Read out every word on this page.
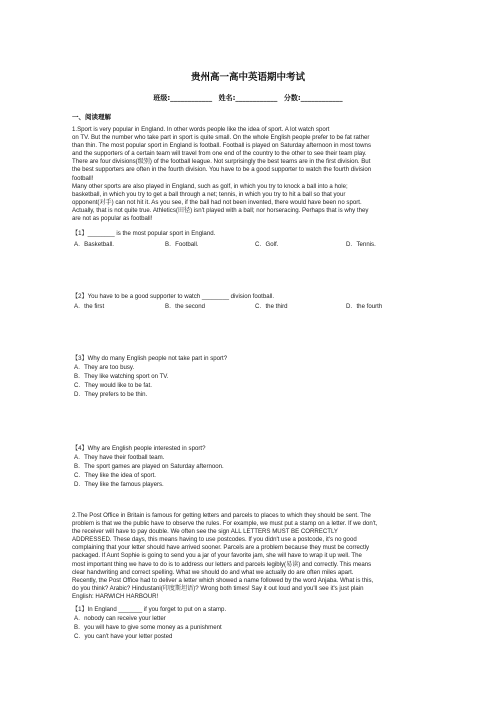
贵州高一高中英语期中考试
班级:____________ 姓名:____________ 分数:____________
一、阅读理解
1.Sport is very popular in England. In other words people like the idea of sport. A lot watch sport
on TV. But the number who take part in sport is quite small. On the whole English people prefer to be fat rather
than thin. The most popular sport in England is football. Football is played on Saturday afternoon in most towns
and the supporters of a certain team will travel from one end of the country to the other to see their team play.
There are four divisions(级别) of the football league. Not surprisingly the best teams are in the first division. But
the best supporters are often in the fourth division. You have to be a good supporter to watch the fourth division
football!
Many other sports are also played in England, such as golf, in which you try to knock a ball into a hole;
basketball, in which you try to get a ball through a net; tennis, in which you try to hit a ball so that your
opponent(对手) can not hit it. As you see, if the ball had not been invented, there would have been no sport.
Actually, that is not quite true. Athletics(田径) isn't played with a ball; nor horseracing. Perhaps that is why they
are not as popular as football!
【1】________ is the most popular sport in England.
A．Basketball.	B．Football.	C．Golf.	D．Tennis.
【2】You have to be a good supporter to watch ________ division football.
A．the first	B．the second	C．the third	D．the fourth
【3】Why do many English people not take part in sport?
A．They are too busy.
B．They like watching sport on TV.
C．They would like to be fat.
D．They prefers to be thin.
【4】Why are English people interested in sport?
A．They have their football team.
B．The sport games are played on Saturday afternoon.
C．They like the idea of sport.
D．They like the famous players.
2.The Post Office in Britain is famous for getting letters and parcels to places to which they should be sent. The
problem is that we the public have to observe the rules. For example, we must put a stamp on a letter. If we don't,
the receiver will have to pay double. We often see the sign ALL LETTERS MUST BE CORRECTLY
ADDRESSED. These days, this means having to use postcodes. If you didn't use a postcode, it's no good
complaining that your letter should have arrived sooner. Parcels are a problem because they must be correctly
packaged. If Aunt Sophie is going to send you a jar of your favorite jam, she will have to wrap it up well. The
most important thing we have to do is to address our letters and parcels legibly(易读) and correctly. This means
clear handwriting and correct spelling. What we should do and what we actually do are often miles apart.
Recently, the Post Office had to deliver a letter which showed a name followed by the word Anjaba. What is this,
do you think? Arabic? Hindustani(印度斯坦语)? Wrong both times! Say it out loud and you'll see it's just plain
English: HARWICH HARBOUR!
【1】In England _______ if you forget to put on a stamp.
A．nobody can receive your letter
B．you will have to give some money as a punishment
C．you can't have your letter posted
